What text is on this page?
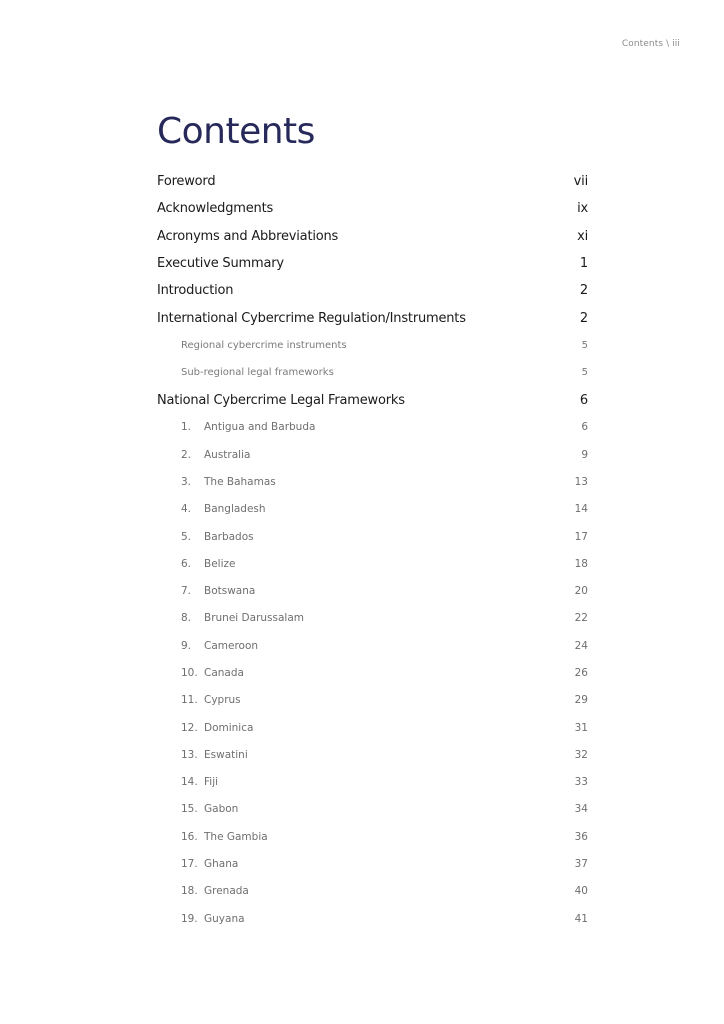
Contents \ iii
Contents
Foreword	vii
Acknowledgments	ix
Acronyms and Abbreviations	xi
Executive Summary	1
Introduction	2
International Cybercrime Regulation/Instruments	2
Regional cybercrime instruments	5
Sub-regional legal frameworks	5
National Cybercrime Legal Frameworks	6
1.	Antigua and Barbuda	6
2.	Australia	9
3.	The Bahamas	13
4.	Bangladesh	14
5.	Barbados	17
6.	Belize	18
7.	Botswana	20
8.	Brunei Darussalam	22
9.	Cameroon	24
10. Canada	26
11. Cyprus	29
12. Dominica	31
13. Eswatini	32
14. Fiji	33
15. Gabon	34
16. The Gambia	36
17. Ghana	37
18. Grenada	40
19. Guyana	41
